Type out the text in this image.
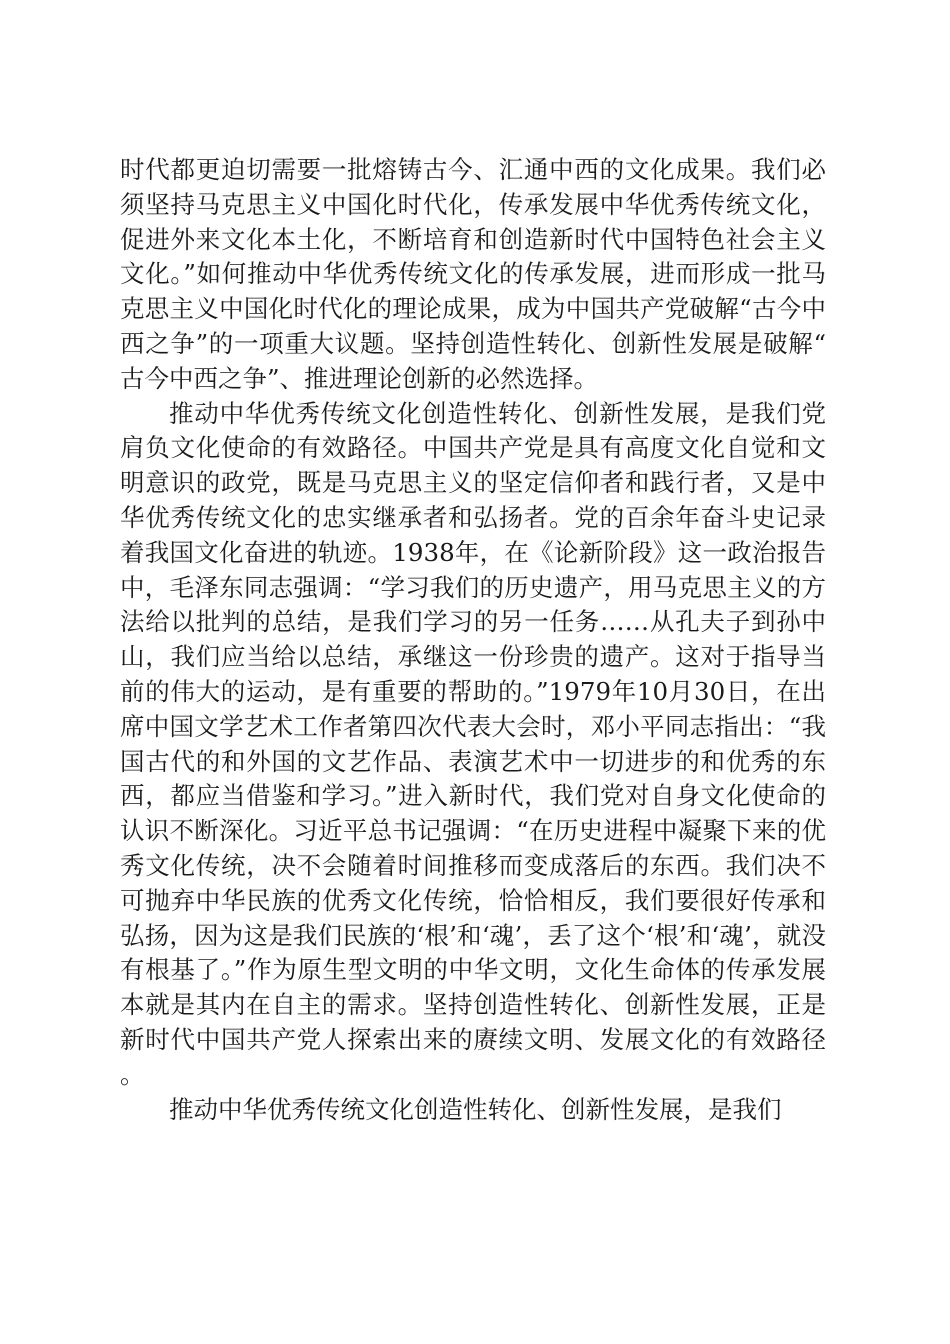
时代都更迫切需要一批熔铸古今、汇通中西的文化成果。我们必须坚持马克思主义中国化时代化，传承发展中华优秀传统文化，促进外来文化本土化，不断培育和创造新时代中国特色社会主义文化。”如何推动中华优秀传统文化的传承发展，进而形成一批马克思主义中国化时代化的理论成果，成为中国共产党破解“古今中西之争”的一项重大议题。坚持创造性转化、创新性发展是破解“古今中西之争”、推进理论创新的必然选择。

推动中华优秀传统文化创造性转化、创新性发展，是我们党肩负文化使命的有效路径。中国共产党是具有高度文化自觉和文明意识的政党，既是马克思主义的坚定信仰者和践行者，又是中华优秀传统文化的忠实继承者和弘扬者。党的百余年奋斗史记录着我国文化奋进的轨迹。1938年，在《论新阶段》这一政治报告中，毛泽东同志强调：“学习我们的历史遗产，用马克思主义的方法给以批判的总结，是我们学习的另一任务……从孔夫子到孙中山，我们应当给以总结，承继这一份珍贵的遗产。这对于指导当前的伟大的运动，是有重要的帮助的。”1979年10月30日，在出席中国文学艺术工作者第四次代表大会时，邓小平同志指出：“我国古代的和外国的文艺作品、表演艺术中一切进步的和优秀的东西，都应当借鉴和学习。”进入新时代，我们党对自身文化使命的认识不断深化。习近平总书记强调：“在历史进程中凝聚下来的优秀文化传统，决不会随着时间推移而变成落后的东西。我们决不可抛弃中华民族的优秀文化传统，恰恰相反，我们要很好传承和弘扬，因为这是我们民族的‘根’和‘魂’，丢了这个‘根’和‘魂’，就没有根基了。”作为原生型文明的中华文明，文化生命体的传承发展本就是其内在自主的需求。坚持创造性转化、创新性发展，正是新时代中国共产党人探索出来的赓续文明、发展文化的有效路径。

推动中华优秀传统文化创造性转化、创新性发展，是我们
